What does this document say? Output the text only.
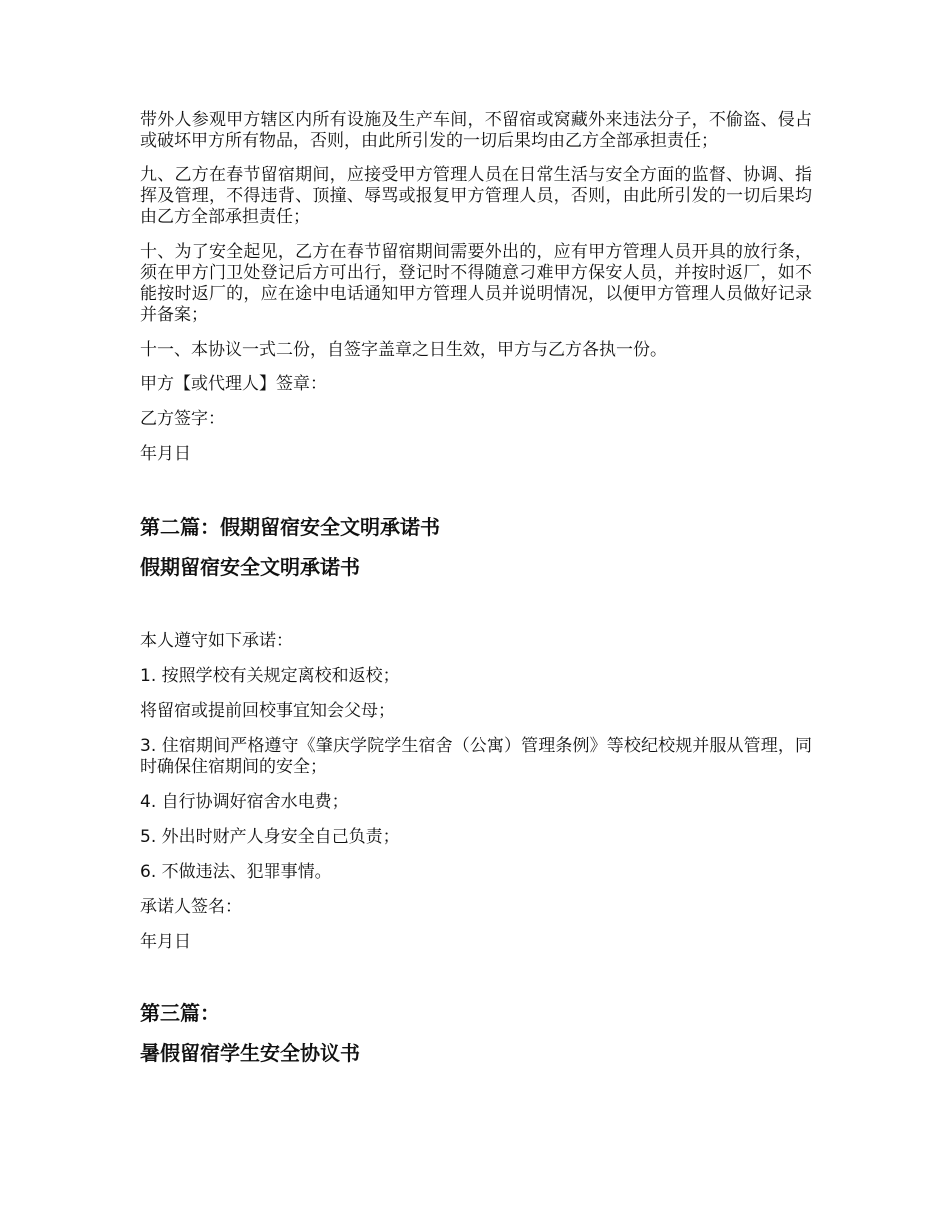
带外人参观甲方辖区内所有设施及生产车间，不留宿或窝藏外来违法分子，不偷盗、侵占或破坏甲方所有物品，否则，由此所引发的一切后果均由乙方全部承担责任；

九、乙方在春节留宿期间，应接受甲方管理人员在日常生活与安全方面的监督、协调、指挥及管理，不得违背、顶撞、辱骂或报复甲方管理人员，否则，由此所引发的一切后果均由乙方全部承担责任；

十、为了安全起见，乙方在春节留宿期间需要外出的，应有甲方管理人员开具的放行条，须在甲方门卫处登记后方可出行，登记时不得随意刁难甲方保安人员，并按时返厂，如不能按时返厂的，应在途中电话通知甲方管理人员并说明情况，以便甲方管理人员做好记录并备案；

十一、本协议一式二份，自签字盖章之日生效，甲方与乙方各执一份。

甲方【或代理人】签章：

乙方签字：

年月日

第二篇：假期留宿安全文明承诺书
假期留宿安全文明承诺书

本人遵守如下承诺：

1. 按照学校有关规定离校和返校；

将留宿或提前回校事宜知会父母；

3. 住宿期间严格遵守《肇庆学院学生宿舍（公寓）管理条例》等校纪校规并服从管理，同时确保住宿期间的安全；

4. 自行协调好宿舍水电费；

5. 外出时财产人身安全自己负责；

6. 不做违法、犯罪事情。

承诺人签名：

年月日

第三篇：
暑假留宿学生安全协议书
